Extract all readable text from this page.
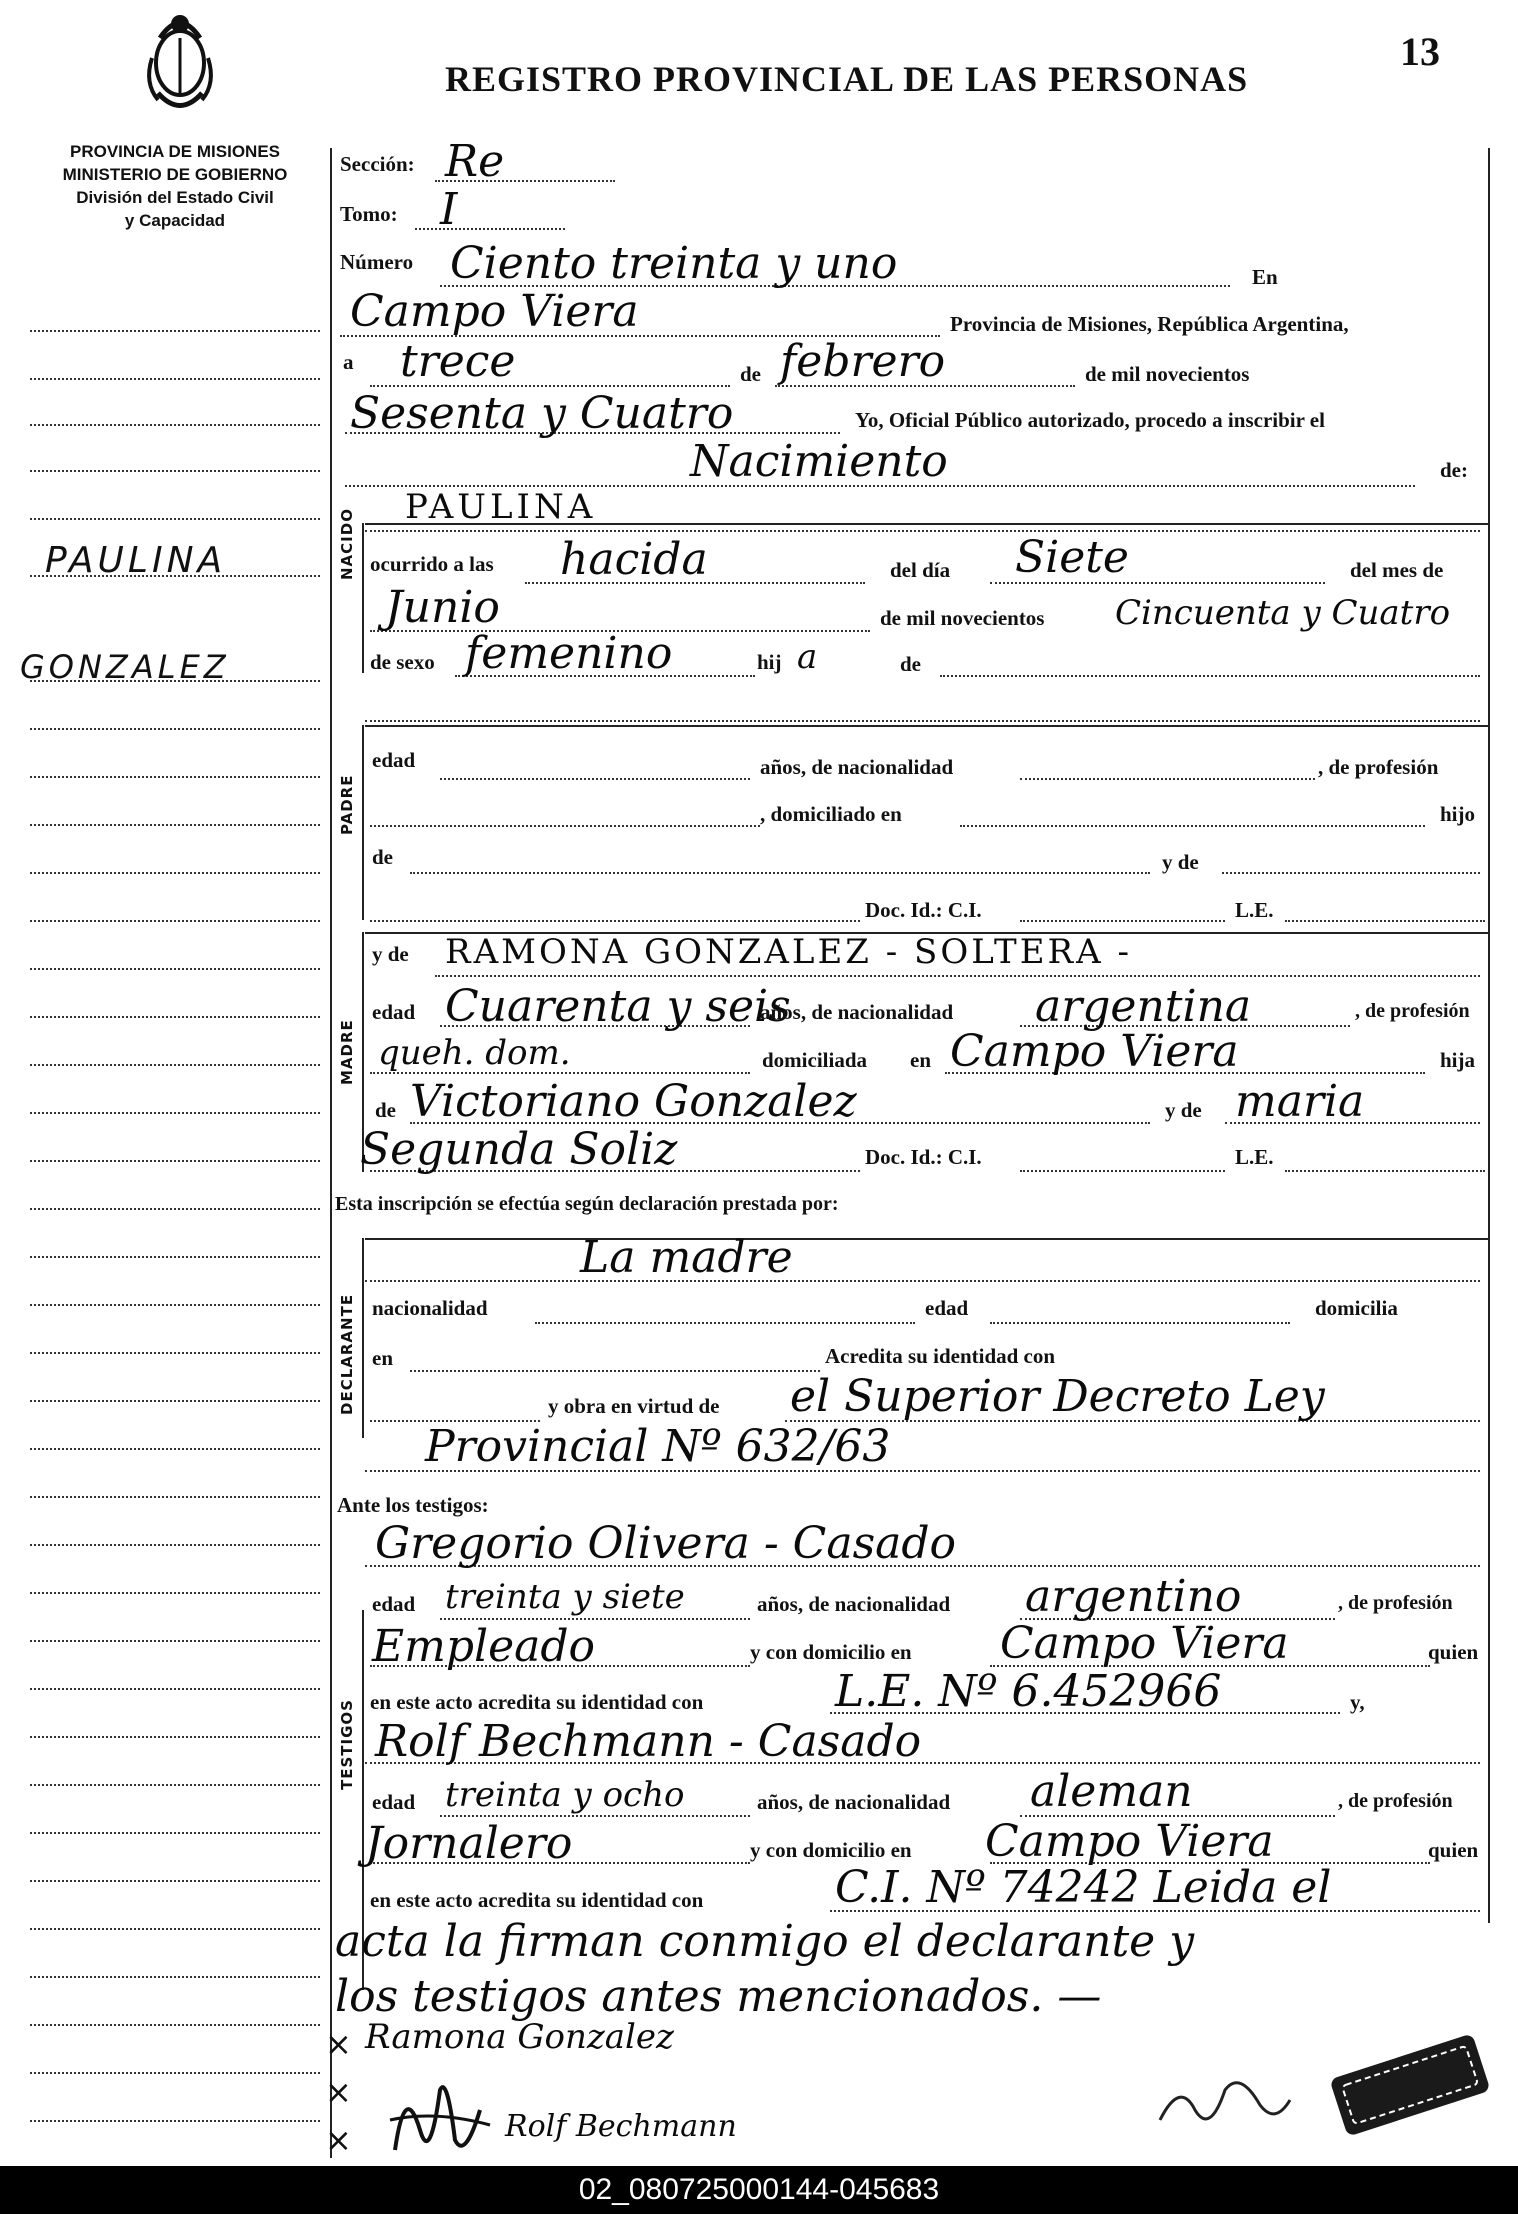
PROVINCIA DE MISIONES
MINISTERIO DE GOBIERNO
División del Estado Civil
y Capacidad
REGISTRO PROVINCIAL DE LAS PERSONAS
13
PAULINA
GONZALEZ
NACIDO
PADRE
MADRE
DECLARANTE
TESTIGOS
Sección: Re
Tomo: I
Número Ciento treinta y uno	En
Campo Viera	Provincia de Misiones, República Argentina,
a trece	de febrero	de mil novecientos
Sesenta y Cuatro	Yo, Oficial Público autorizado, procedo a inscribir el
Nacimiento	de:
PAULINA
ocurrido a las hacida	del día Siete	del mes de
Junio	de mil novecientos Cincuenta y Cuatro
de sexo femenino	hij a	de
edad	años, de nacionalidad	, de profesión
, domiciliado en	hijo
de	y de
Doc. Id.: C.I.	L.E.
y de RAMONA GONZALEZ - SOLTERA -
edad Cuarenta y seis
años, de nacionalidad argentina	, de profesión
queh. dom.	domiciliada en Campo Viera	hija
de Victoriano Gonzalez	y de maria
Segunda Soliz	Doc. Id.: C.I.	L.E.
Esta inscripción se efectúa según declaración prestada por:
La madre
nacionalidad	edad	domicilia
en	Acredita su identidad con
y obra en virtud de el Superior Decreto Ley
Provincial Nº 632/63
Ante los testigos:
Gregorio Olivera - Casado
edad treinta y siete	años, de nacionalidad argentino	, de profesión
Empleado	y con domicilio en Campo Viera	quien
en este acto acredita su identidad con	L.E. Nº 6.452966	y,
Rolf Bechmann - Casado
edad treinta y ocho	años, de nacionalidad aleman	, de profesión
Jornalero	y con domicilio en Campo Viera	quien
en este acto acredita su identidad con	C.I. Nº 74242 Leida el
acta la firman conmigo el declarante y
los testigos antes mencionados. —
×
×
×
Ramona Gonzalez
Rolf Bechmann
02_080725000144-045683
